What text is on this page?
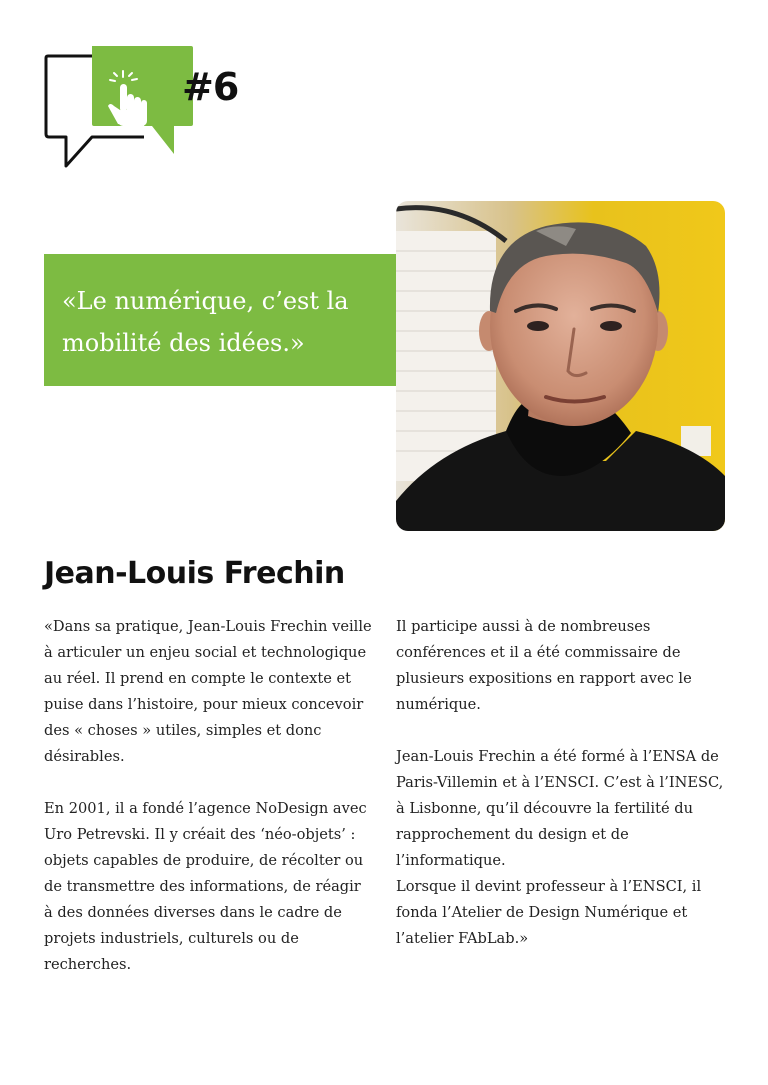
#6

«Le numérique, c’est la
mobilité des idées.»

Jean-Louis Frechin

«Dans sa pratique, Jean-Louis Frechin veille à articuler un enjeu social et technologique au réel. Il prend en compte le contexte et puise dans l’histoire, pour mieux concevoir des « choses » utiles, simples et donc désirables.

En 2001, il a fondé l’agence NoDesign avec Uro Petrevski. Il y créait des ‘néo-objets’ : objets capables de produire, de récolter ou de transmettre des informations, de réagir à des données diverses dans le cadre de projets industriels, culturels ou de recherches.

Il participe aussi à de nombreuses conférences et il a été commissaire de plusieurs expositions en rapport avec le numérique.

Jean-Louis Frechin a été formé à l’ENSA de Paris-Villemin et à l’ENSCI. C’est à l’INESC, à Lisbonne, qu’il découvre la fertilité du rapprochement du design et de l’informatique.

Lorsque il devint professeur à l’ENSCI, il fonda l’Atelier de Design Numérique et l’atelier FAbLab.»
